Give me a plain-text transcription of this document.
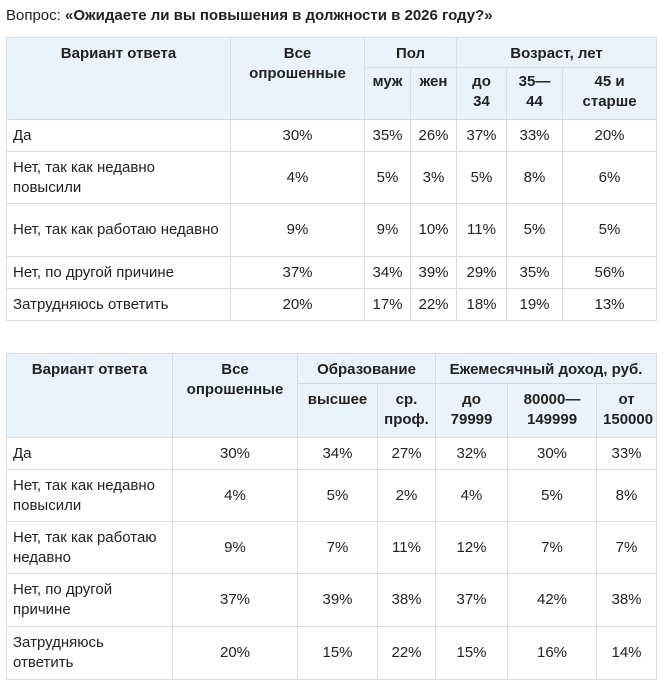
Вопрос: «Ожидаете ли вы повышения в должности в 2026 году?»
Вариант ответа	Все опрошенные	Пол		Возраст, лет		
		муж	жен	до 34	35—44	45 и старше
Да	30%	35%	26%	37%	33%	20%
Нет, так как недавно повысили	4%	5%	3%	5%	8%	6%
Нет, так как работаю недавно	9%	9%	10%	11%	5%	5%
Нет, по другой причине	37%	34%	39%	29%	35%	56%
Затрудняюсь ответить	20%	17%	22%	18%	19%	13%
Вариант ответа	Все опрошенные	Образование		Ежемесячный доход, руб.		
		высшее	ср. проф.	до 79999	80000—149999	от 150000
Да	30%	34%	27%	32%	30%	33%
Нет, так как недавно повысили	4%	5%	2%	4%	5%	8%
Нет, так как работаю недавно	9%	7%	11%	12%	7%	7%
Нет, по другой причине	37%	39%	38%	37%	42%	38%
Затрудняюсь ответить	20%	15%	22%	15%	16%	14%
